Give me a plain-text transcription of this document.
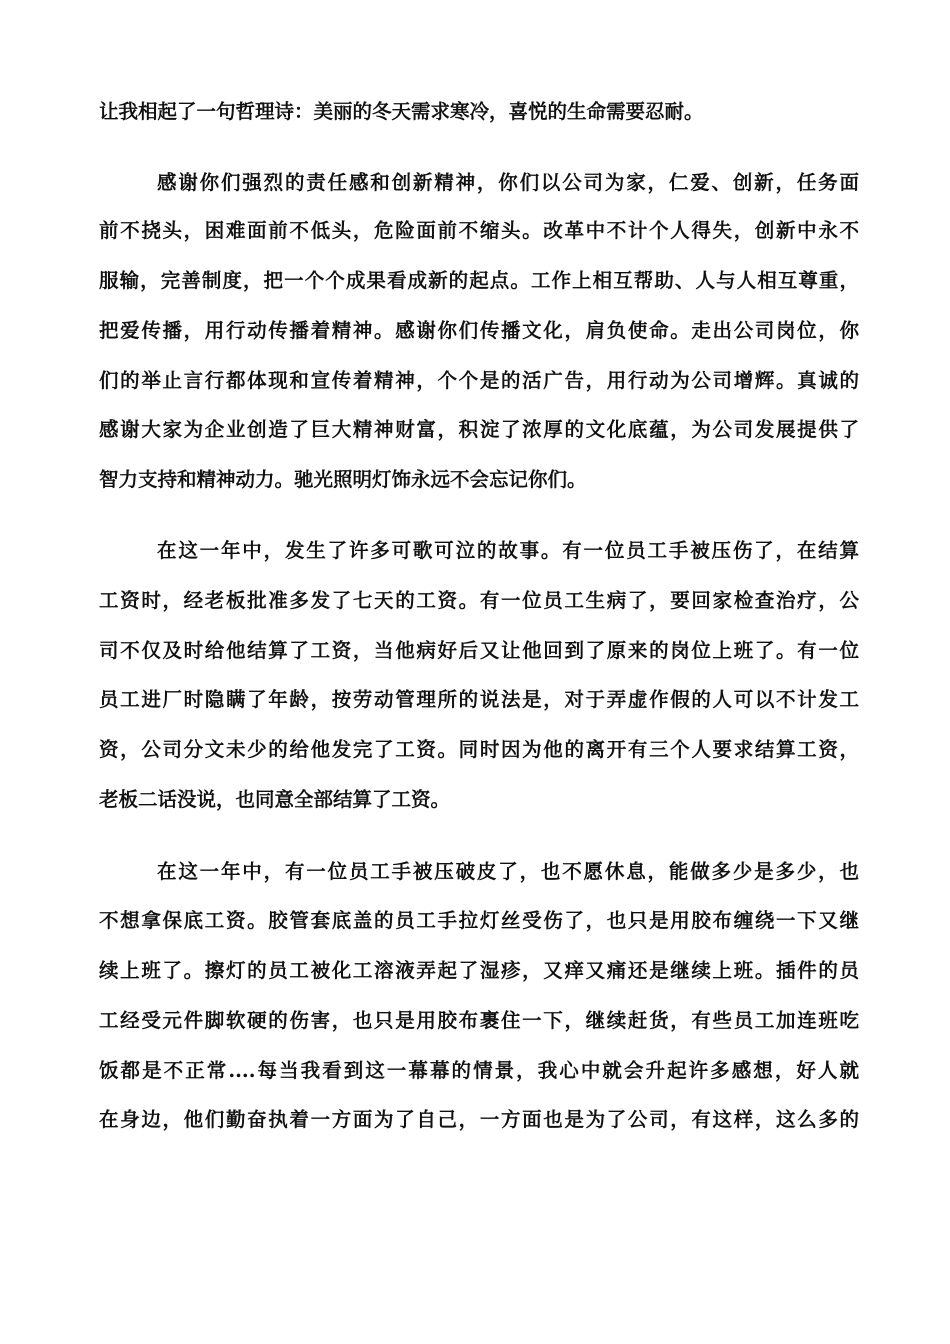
让我相起了一句哲理诗：美丽的冬天需求寒冷，喜悦的生命需要忍耐。
感谢你们强烈的责任感和创新精神，你们以公司为家，仁爱、创新，任务面
前不挠头，困难面前不低头，危险面前不缩头。改革中不计个人得失，创新中永不
服输，完善制度，把一个个成果看成新的起点。工作上相互帮助、人与人相互尊重，
把爱传播，用行动传播着精神。感谢你们传播文化，肩负使命。走出公司岗位，你
们的举止言行都体现和宣传着精神，个个是的活广告，用行动为公司增辉。真诚的
感谢大家为企业创造了巨大精神财富，积淀了浓厚的文化底蕴，为公司发展提供了
智力支持和精神动力。驰光照明灯饰永远不会忘记你们。
在这一年中，发生了许多可歌可泣的故事。有一位员工手被压伤了，在结算
工资时，经老板批准多发了七天的工资。有一位员工生病了，要回家检查治疗，公
司不仅及时给他结算了工资，当他病好后又让他回到了原来的岗位上班了。有一位
员工进厂时隐瞒了年龄，按劳动管理所的说法是，对于弄虚作假的人可以不计发工
资，公司分文未少的给他发完了工资。同时因为他的离开有三个人要求结算工资，
老板二话没说，也同意全部结算了工资。
在这一年中，有一位员工手被压破皮了，也不愿休息，能做多少是多少，也
不想拿保底工资。胶管套底盖的员工手拉灯丝受伤了，也只是用胶布缠绕一下又继
续上班了。擦灯的员工被化工溶液弄起了湿疹，又痒又痛还是继续上班。插件的员
工经受元件脚软硬的伤害，也只是用胶布裹住一下，继续赶货，有些员工加连班吃
饭都是不正常....每当我看到这一幕幕的情景，我心中就会升起许多感想，好人就
在身边，他们勤奋执着一方面为了自己，一方面也是为了公司，有这样，这么多的
